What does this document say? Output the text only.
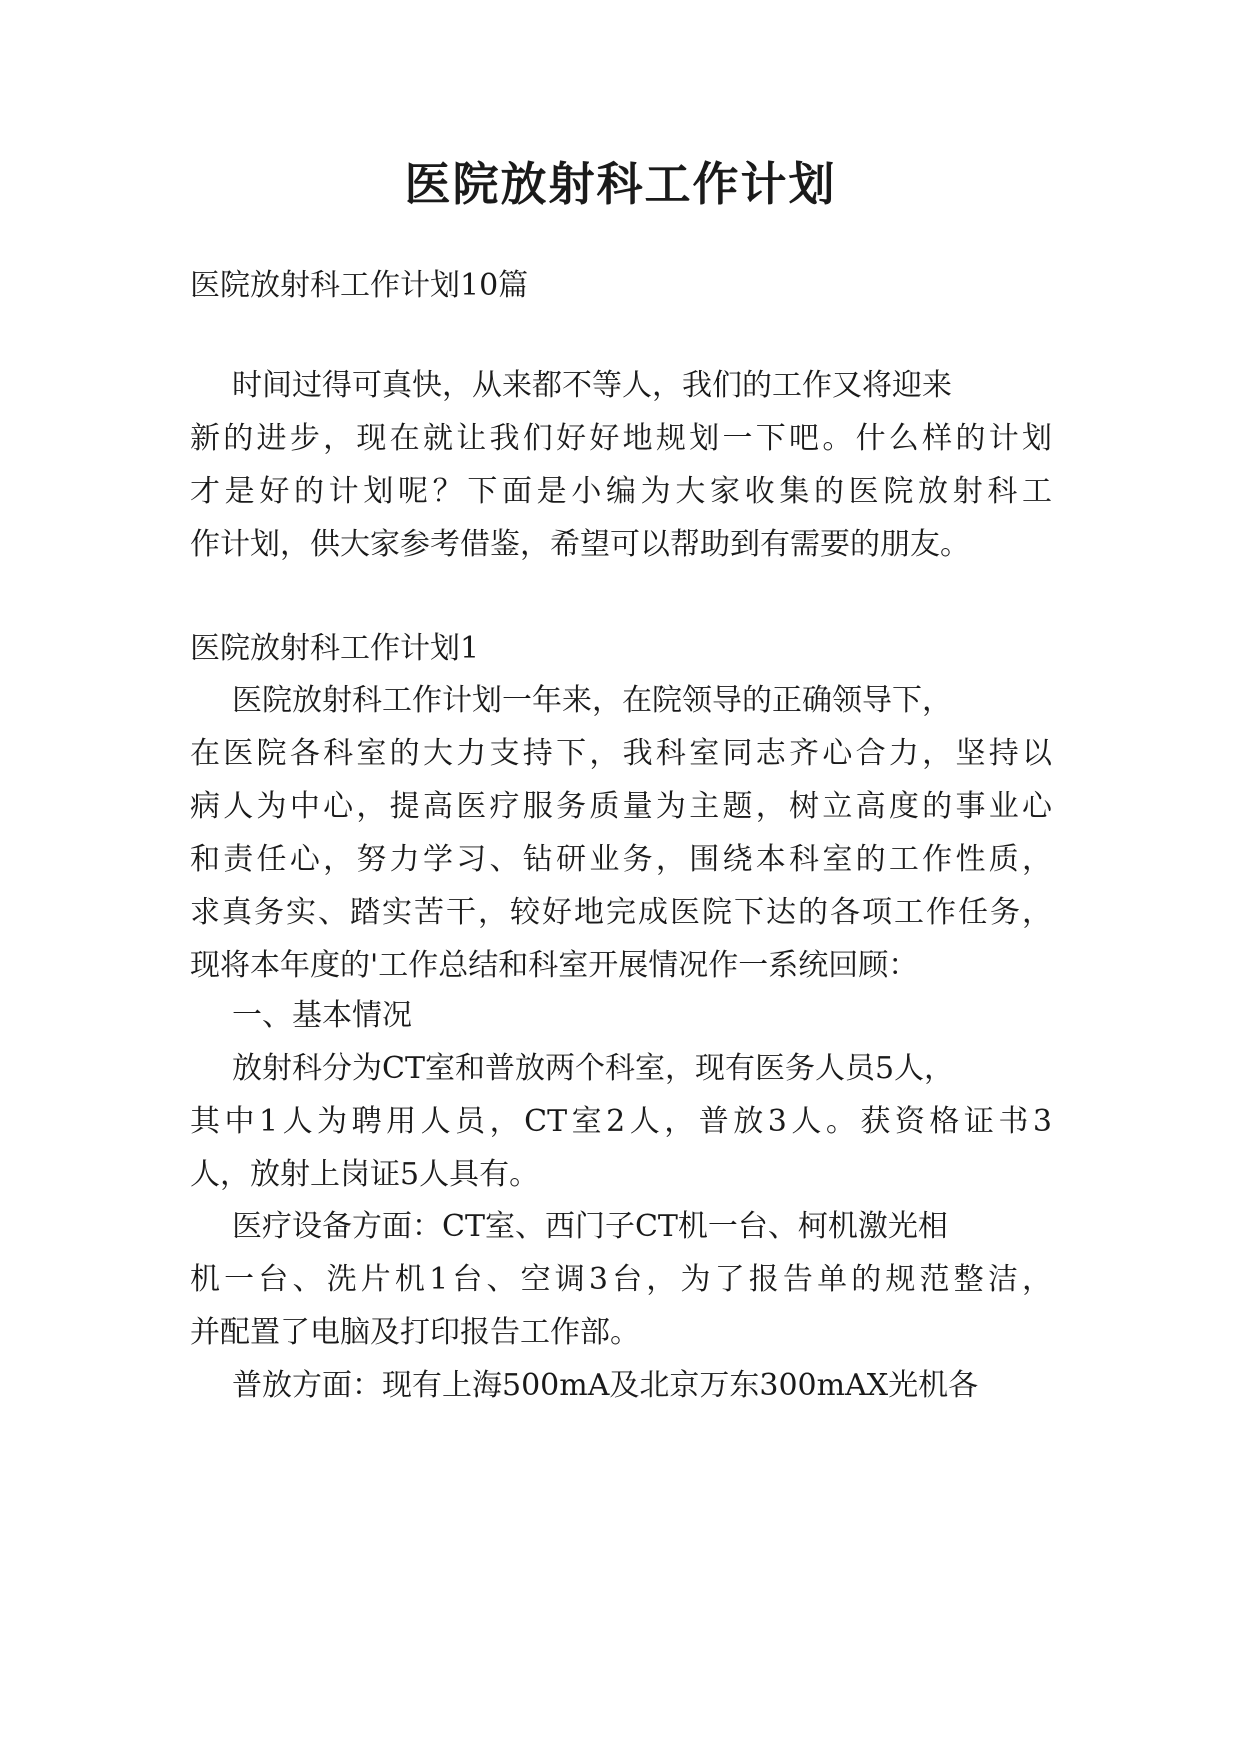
医院放射科工作计划

医院放射科工作计划10篇

时间过得可真快，从来都不等人，我们的工作又将迎来

新的进步，现在就让我们好好地规划一下吧。什么样的计划

才是好的计划呢？下面是小编为大家收集的医院放射科工

作计划，供大家参考借鉴，希望可以帮助到有需要的朋友。

医院放射科工作计划1

医院放射科工作计划一年来，在院领导的正确领导下，

在医院各科室的大力支持下，我科室同志齐心合力，坚持以

病人为中心，提高医疗服务质量为主题，树立高度的事业心

和责任心，努力学习、钻研业务，围绕本科室的工作性质，

求真务实、踏实苦干，较好地完成医院下达的各项工作任务，

现将本年度的'工作总结和科室开展情况作一系统回顾：

一、基本情况

放射科分为CT室和普放两个科室，现有医务人员5人，

其中1人为聘用人员，CT室2人，普放3人。获资格证书3

人，放射上岗证5人具有。

医疗设备方面：CT室、西门子CT机一台、柯机激光相

机一台、洗片机1台、空调3台，为了报告单的规范整洁，

并配置了电脑及打印报告工作部。

普放方面：现有上海500mA及北京万东300mAX光机各
